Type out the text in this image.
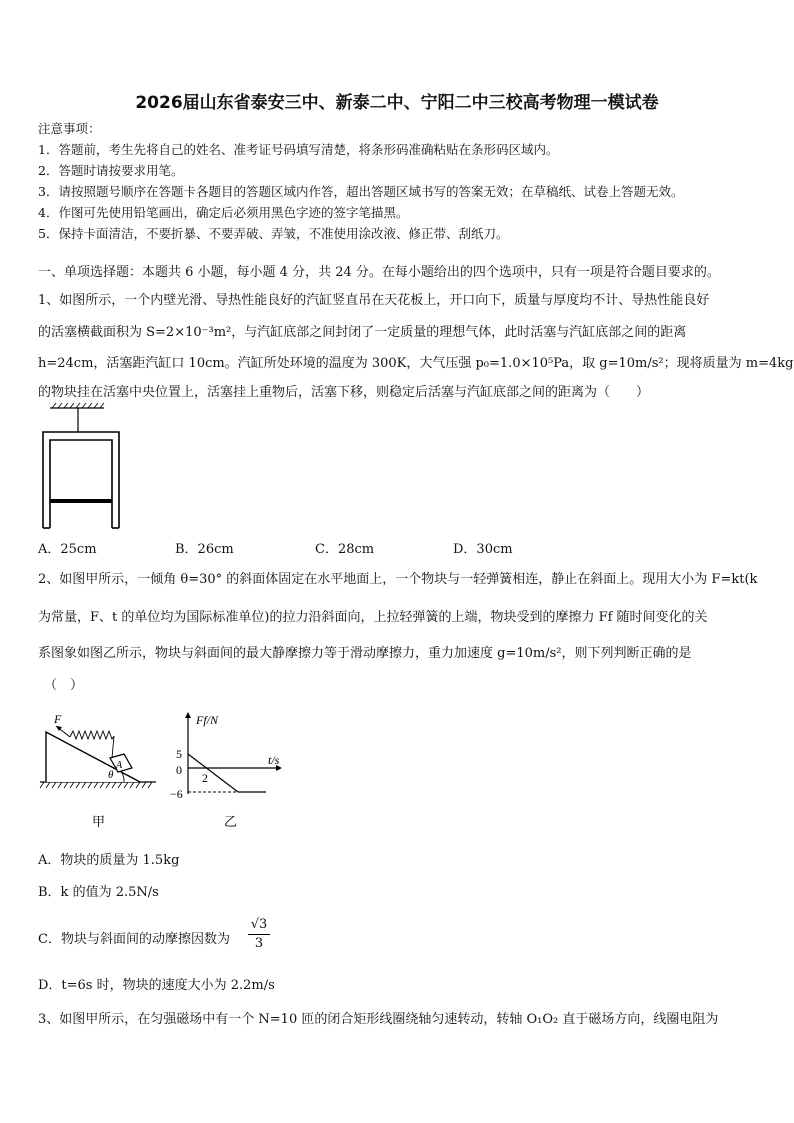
2026届山东省泰安三中、新泰二中、宁阳二中三校高考物理一模试卷
注意事项：
1．答题前，考生先将自己的姓名、准考证号码填写清楚，将条形码准确粘贴在条形码区域内。
2．答题时请按要求用笔。
3．请按照题号顺序在答题卡各题目的答题区域内作答，超出答题区域书写的答案无效；在草稿纸、试卷上答题无效。
4．作图可先使用铅笔画出，确定后必须用黑色字迹的签字笔描黑。
5．保持卡面清洁，不要折暴、不要弄破、弄皱，不准使用涂改液、修正带、刮纸刀。
一、单项选择题：本题共 6 小题，每小题 4 分，共 24 分。在每小题给出的四个选项中，只有一项是符合题目要求的。
1、如图所示，一个内壁光滑、导热性能良好的汽缸竖直吊在天花板上，开口向下，质量与厚度均不计、导热性能良好
的活塞横截面积为 S=2×10⁻³m²，与汽缸底部之间封闭了一定质量的理想气体，此时活塞与汽缸底部之间的距离
h=24cm，活塞距汽缸口 10cm。汽缸所处环境的温度为 300K，大气压强 p₀=1.0×10⁵Pa，取 g=10m/s²；现将质量为 m=4kg
的物块挂在活塞中央位置上，活塞挂上重物后，活塞下移，则稳定后活塞与汽缸底部之间的距离为（　　）
A．25cm	B．26cm	C．28cm	D．30cm
2、如图甲所示，一倾角 θ=30° 的斜面体固定在水平地面上，一个物块与一轻弹簧相连，静止在斜面上。现用大小为 F=kt(k
为常量，F、t 的单位均为国际标准单位)的拉力沿斜面向，上拉轻弹簧的上端，物块受到的摩擦力 Ff 随时间变化的关
系图象如图乙所示，物块与斜面间的最大静摩擦力等于滑动摩擦力，重力加速度 g=10m/s²，则下列判断正确的是
（　）
F
A
θ
甲
Ff/N
t/s
5
0
−6
2
乙
A．物块的质量为 1.5kg
B．k 的值为 2.5N/s
C．物块与斜面间的动摩擦因数为 $\frac{√3}{3}$
D．t=6s 时，物块的速度大小为 2.2m/s
3、如图甲所示，在匀强磁场中有一个 N=10 匝的闭合矩形线圈绕轴匀速转动，转轴 O₁O₂ 直于磁场方向，线圈电阻为
